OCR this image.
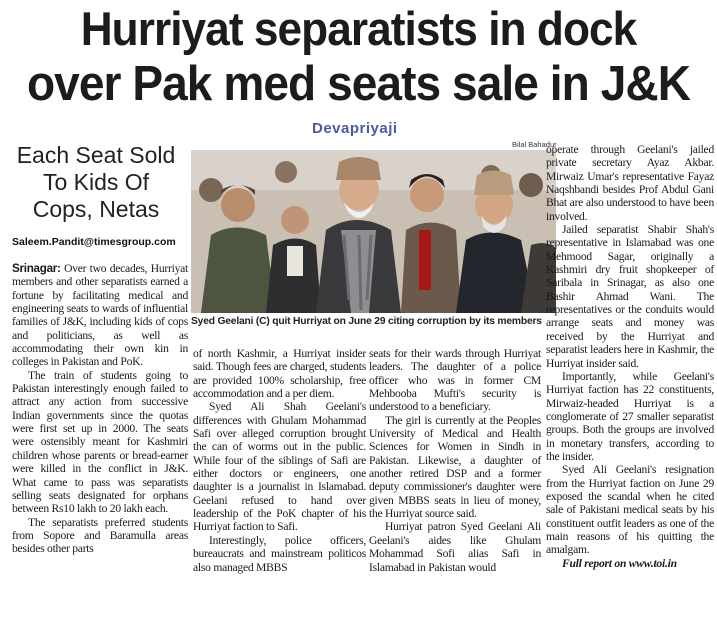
Hurriyat separatists in dock
over Pak med seats sale in J&K
Devapriyaji
Each Seat Sold
To Kids Of
Cops, Netas
Saleem.Pandit@timesgroup.com
Bilal Bahadur
Syed Geelani (C) quit Hurriyat on June 29 citing corruption by its members

Srinagar: Over two decades, Hurriyat members and other separatists earned a fortune by facilitating medical and engineering seats to wards of influential families of J&K, including kids of cops and politicians, as well as accommodating their own kin in colleges in Pakistan and PoK.

The train of students going to Pakistan interestingly enough failed to attract any action from successive Indian governments since the quotas were first set up in 2000. The seats were ostensibly meant for Kashmiri children whose parents or bread-earner were killed in the conflict in J&K. What came to pass was separatists selling seats designated for orphans between Rs10 lakh to 20 lakh each.

The separatists preferred students from Sopore and Baramulla areas besides other parts

of north Kashmir, a Hurriyat insider said. Though fees are charged, students are provided 100% scholarship, free accommodation and a per diem.

Syed Ali Shah Geelani's differences with Ghulam Mohammad Safi over alleged corruption brought the can of worms out in the public. While four of the siblings of Safi are either doctors or engineers, one daughter is a journalist in Islamabad. Geelani refused to hand over leadership of the PoK chapter of his Hurriyat faction to Safi.

Interestingly, police officers, bureaucrats and mainstream politicos also managed MBBS

seats for their wards through Hurriyat leaders. The daughter of a police officer who was in former CM Mehbooba Mufti's security is understood to a beneficiary.

The girl is currently at the Peoples University of Medical and Health Sciences for Women in Sindh in Pakistan. Likewise, a daughter of another retired DSP and a former deputy commissioner's daughter were given MBBS seats in lieu of money, the Hurriyat source said.

Hurriyat patron Syed Geelani Ali Geelani's aides like Ghulam Mohammad Sofi alias Safi in Islamabad in Pakistan would

operate through Geelani's jailed private secretary Ayaz Akbar. Mirwaiz Umar's representative Fayaz Naqshbandi besides Prof Abdul Gani Bhat are also understood to have been involved.

Jailed separatist Shabir Shah's representative in Islamabad was one Mehmood Sagar, originally a Kashmiri dry fruit shopkeeper of Saribala in Srinagar, as also one Bashir Ahmad Wani. The representatives or the conduits would arrange seats and money was received by the Hurriyat and separatist leaders here in Kashmir, the Hurriyat insider said.

Importantly, while Geelani's Hurriyat faction has 22 constituents, Mirwaiz-headed Hurriyat is a conglomerate of 27 smaller separatist groups. Both the groups are involved in monetary transfers, according to the insider.

Syed Ali Geelani's resignation from the Hurriyat faction on June 29 exposed the scandal when he cited sale of Pakistani medical seats by his constituent outfit leaders as one of the main reasons of his quitting the amalgam.

Full report on www.toi.in
